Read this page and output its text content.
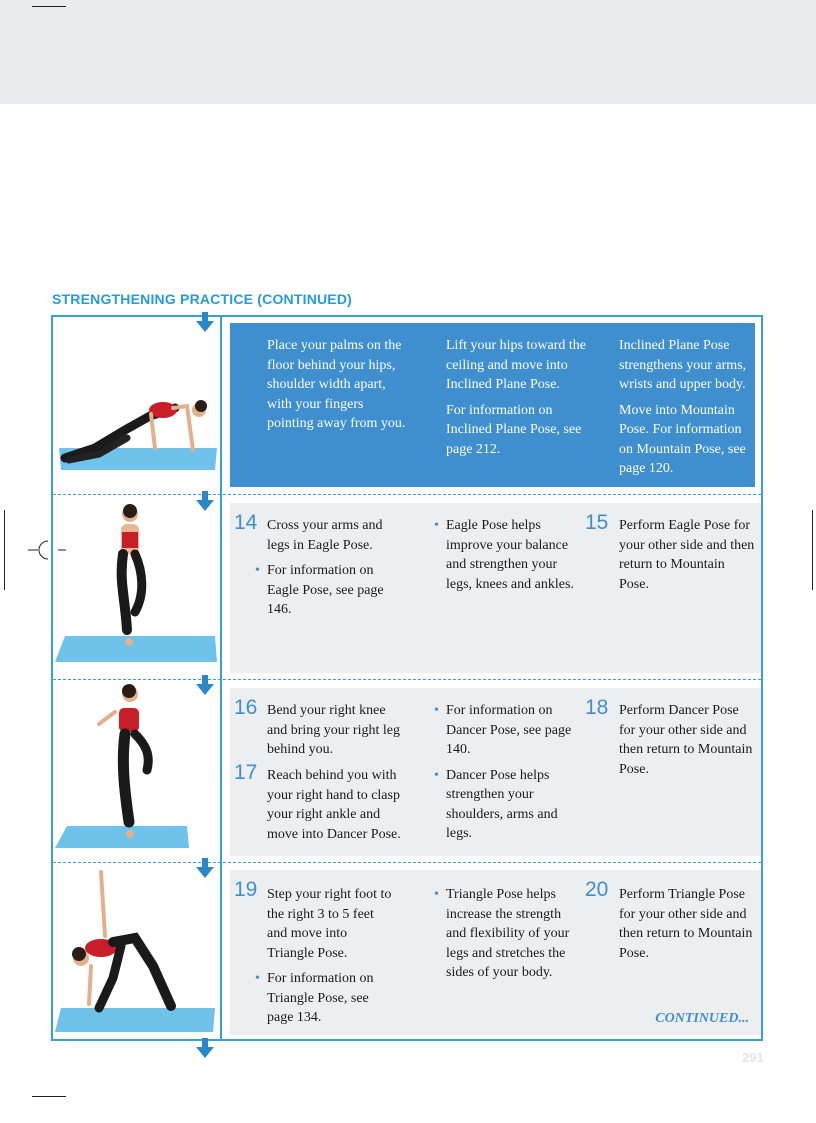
STRENGTHENING PRACTICE (CONTINUED)
Place your palms on the floor behind your hips, shoulder width apart, with your fingers pointing away from you.
Lift your hips toward the ceiling and move into Inclined Plane Pose.
For information on Inclined Plane Pose, see page 212.
Inclined Plane Pose strengthens your arms, wrists and upper body.
Move into Mountain Pose. For information on Mountain Pose, see page 120.
14 Cross your arms and legs in Eagle Pose.
• For information on Eagle Pose, see page 146.
• Eagle Pose helps improve your balance and strengthen your legs, knees and ankles.
15 Perform Eagle Pose for your other side and then return to Mountain Pose.
16 Bend your right knee and bring your right leg behind you.
17 Reach behind you with your right hand to clasp your right ankle and move into Dancer Pose.
• For information on Dancer Pose, see page 140.
• Dancer Pose helps strengthen your shoulders, arms and legs.
18 Perform Dancer Pose for your other side and then return to Mountain Pose.
19 Step your right foot to the right 3 to 5 feet and move into Triangle Pose.
• For information on Triangle Pose, see page 134.
• Triangle Pose helps increase the strength and flexibility of your legs and stretches the sides of your body.
20 Perform Triangle Pose for your other side and then return to Mountain Pose.
CONTINUED...
291
